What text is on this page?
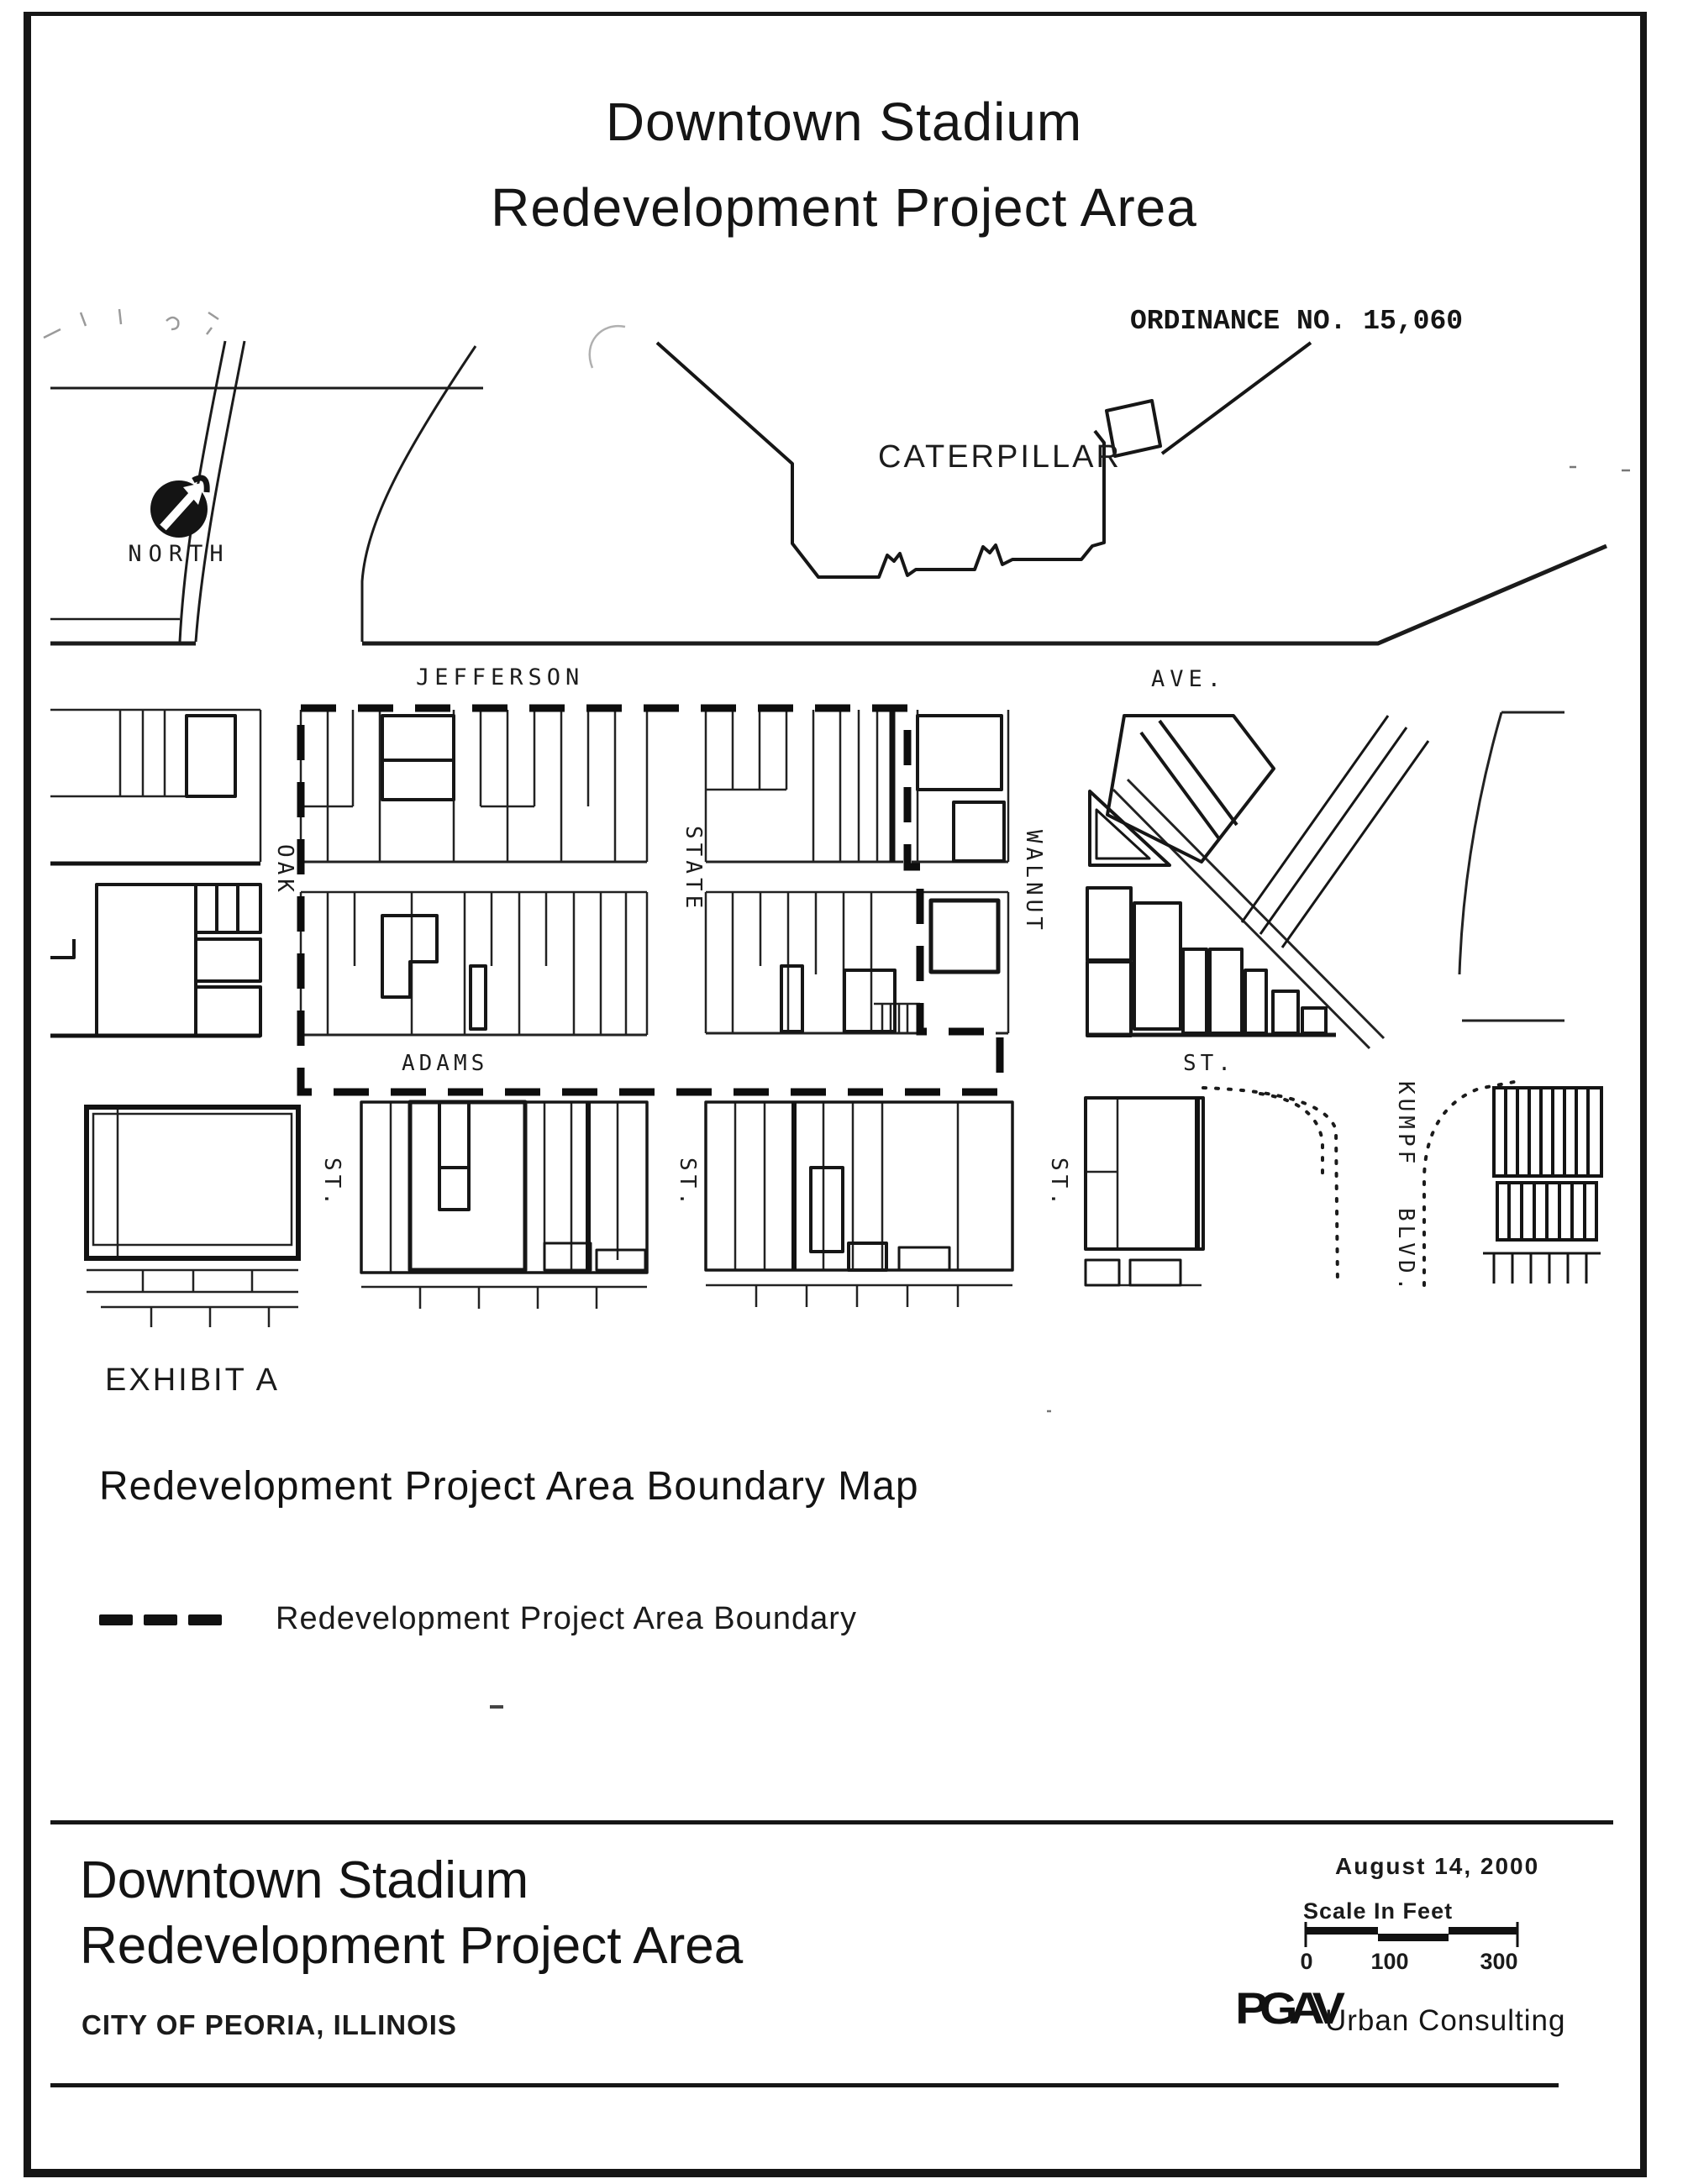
NORTH
CATERPILLAR
JEFFERSON	AVE.
ADAMS	ST.
OAK	STATE	WALNUT
ST.	ST.	ST.
KUMPF
BLVD.
Downtown Stadium
Redevelopment Project Area
ORDINANCE NO. 15,060
EXHIBIT A
Redevelopment Project Area Boundary Map
Redevelopment Project Area Boundary
Downtown Stadium
Redevelopment Project Area
CITY OF PEORIA, ILLINOIS
August 14, 2000
Scale In Feet
0	100	300
PGAV
Urban Consulting
